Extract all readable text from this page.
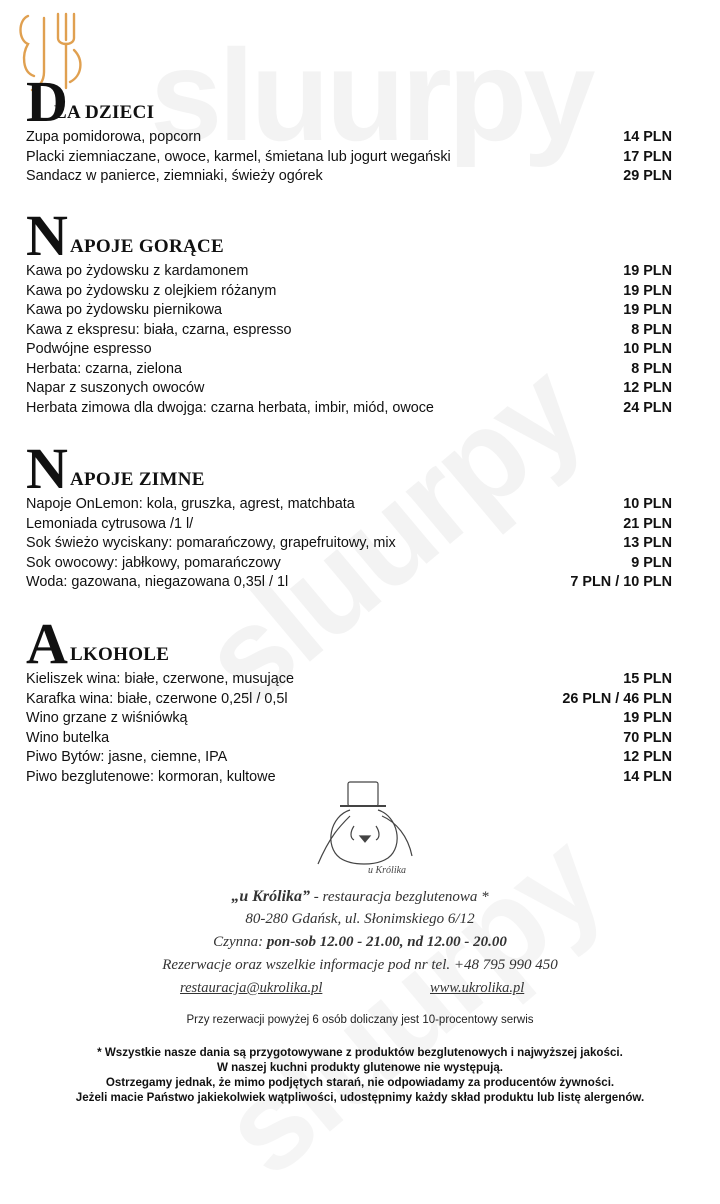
D
LA DZIECI
Zupa pomidorowa, popcorn	14 PLN
Placki ziemniaczane, owoce, karmel, śmietana lub jogurt wegański	17 PLN
Sandacz w panierce, ziemniaki, świeży ogórek	29 PLN
N APOJE GORĄCE
Kawa po żydowsku z kardamonem	19 PLN
Kawa po żydowsku z olejkiem różanym	19 PLN
Kawa po żydowsku piernikowa	19 PLN
Kawa z ekspresu: biała, czarna, espresso	8 PLN
Podwójne espresso	10 PLN
Herbata: czarna, zielona	8 PLN
Napar z suszonych owoców	12 PLN
Herbata zimowa dla dwojga: czarna herbata, imbir, miód, owoce	24 PLN
N APOJE ZIMNE
Napoje OnLemon: kola, gruszka, agrest, matchbata	10 PLN
Lemoniada cytrusowa /1 l/	21 PLN
Sok świeżo wyciskany: pomarańczowy, grapefruitowy, mix	13 PLN
Sok owocowy: jabłkowy, pomarańczowy	9 PLN
Woda: gazowana, niegazowana 0,35l / 1l	7 PLN / 10 PLN
A LKOHOLE
Kieliszek wina: białe, czerwone, musujące	15 PLN
Karafka wina: białe, czerwone 0,25l / 0,5l	26 PLN / 46 PLN
Wino grzane z wiśniówką	19 PLN
Wino butelka	70 PLN
Piwo Bytów: jasne, ciemne, IPA	12 PLN
Piwo bezglutenowe: kormoran, kultowe	14 PLN
u Królika
„u Królika” - restauracja bezglutenowa *
80-280 Gdańsk, ul. Słonimskiego 6/12
Czynna: pon-sob 12.00 - 21.00, nd 12.00 - 20.00
Rezerwacje oraz wszelkie informacje pod nr tel. +48 795 990 450
restauracja@ukrolika.pl	www.ukrolika.pl
Przy rezerwacji powyżej 6 osób doliczany jest 10-procentowy serwis
* Wszystkie nasze dania są przygotowywane z produktów bezglutenowych i najwyższej jakości.
W naszej kuchni produkty glutenowe nie występują.
Ostrzegamy jednak, że mimo podjętych starań, nie odpowiadamy za producentów żywności.
Jeżeli macie Państwo jakiekolwiek wątpliwości, udostępnimy każdy skład produktu lub listę alergenów.
